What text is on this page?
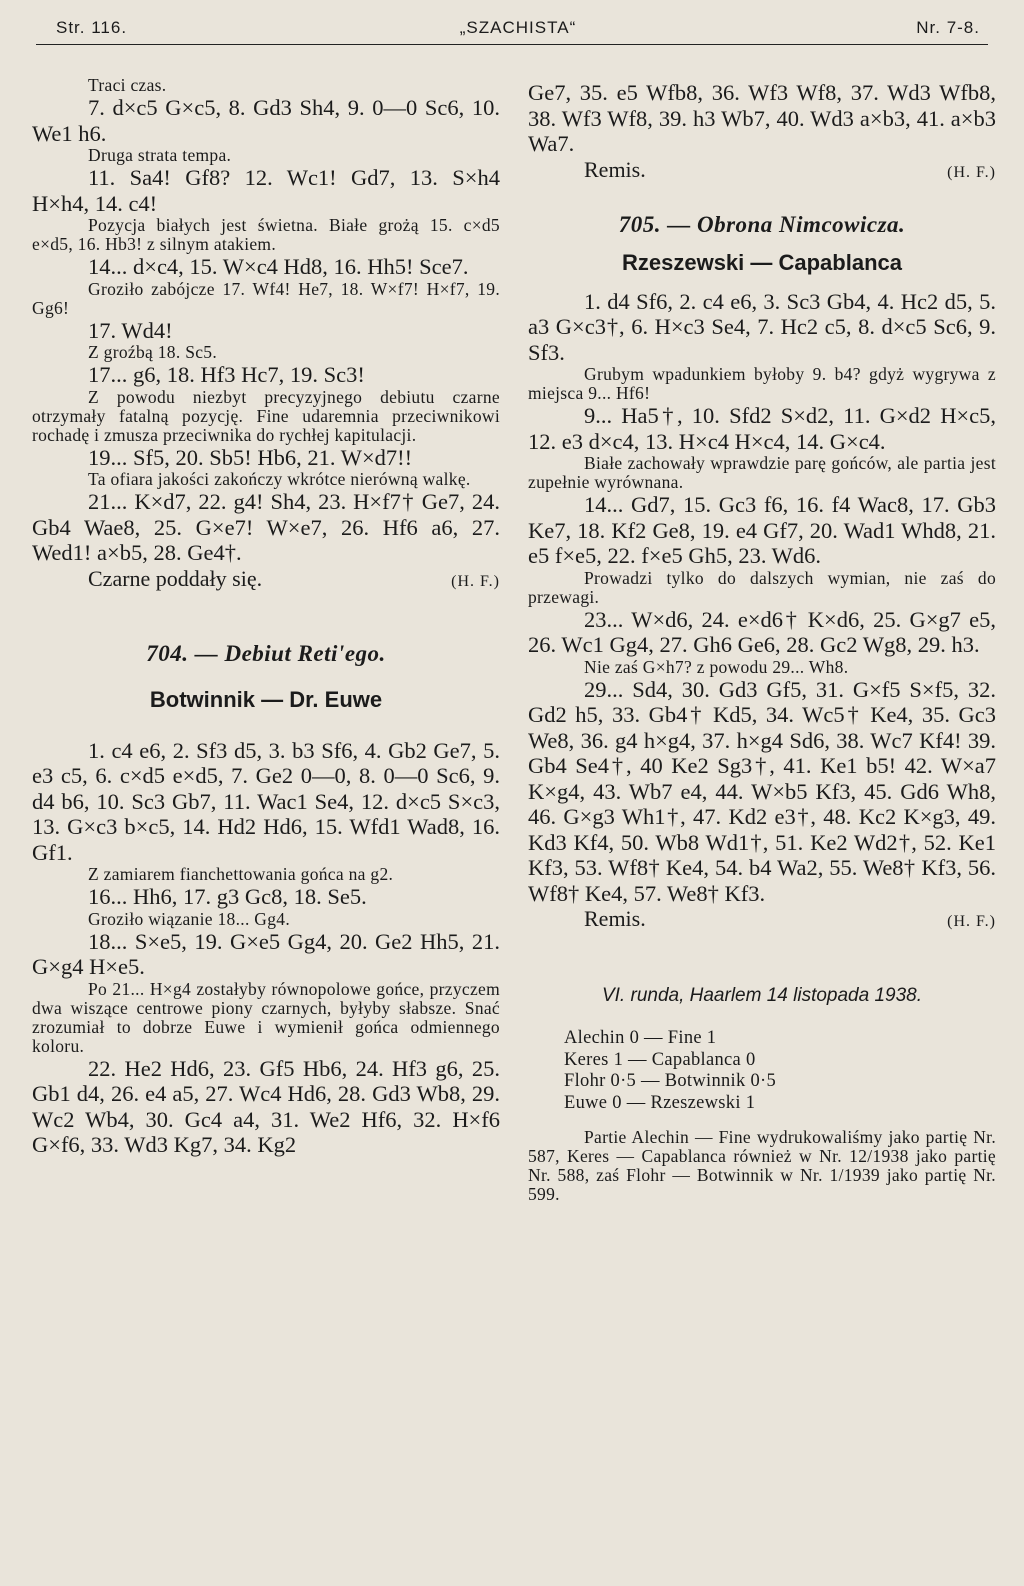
Str. 116.	„SZACHISTA“	Nr. 7-8.

Traci czas.

7. d×c5 G×c5, 8. Gd3 Sh4, 9. 0—0 Sc6, 10. We1 h6.

Druga strata tempa.

11. Sa4! Gf8? 12. Wc1! Gd7, 13. S×h4 H×h4, 14. c4!

Pozycja białych jest świetna. Białe grożą 15. c×d5 e×d5, 16. Hb3! z silnym atakiem.

14... d×c4, 15. W×c4 Hd8, 16. Hh5! Sce7.

Groziło zabójcze 17. Wf4! He7, 18. W×f7! H×f7, 19. Gg6!

17. Wd4!

Z groźbą 18. Sc5.

17... g6, 18. Hf3 Hc7, 19. Sc3!

Z powodu niezbyt precyzyjnego debiutu czarne otrzymały fatalną pozycję. Fine udaremnia przeciwnikowi rochadę i zmusza przeciwnika do rychłej kapitulacji.

19... Sf5, 20. Sb5! Hb6, 21. W×d7!!

Ta ofiara jakości zakończy wkrótce nierówną walkę.

21... K×d7, 22. g4! Sh4, 23. H×f7† Ge7, 24. Gb4 Wae8, 25. G×e7! W×e7, 26. Hf6 a6, 27. Wed1! a×b5, 28. Ge4†.

Czarne poddały się.	(H. F.)

704. — Debiut Reti'ego.

Botwinnik — Dr. Euwe

1. c4 e6, 2. Sf3 d5, 3. b3 Sf6, 4. Gb2 Ge7, 5. e3 c5, 6. c×d5 e×d5, 7. Ge2 0—0, 8. 0—0 Sc6, 9. d4 b6, 10. Sc3 Gb7, 11. Wac1 Se4, 12. d×c5 S×c3, 13. G×c3 b×c5, 14. Hd2 Hd6, 15. Wfd1 Wad8, 16. Gf1.

Z zamiarem fianchettowania gońca na g2.

16... Hh6, 17. g3 Gc8, 18. Se5.

Groziło wiązanie 18... Gg4.

18... S×e5, 19. G×e5 Gg4, 20. Ge2 Hh5, 21. G×g4 H×e5.

Po 21... H×g4 zostałyby równopolowe gońce, przyczem dwa wiszące centrowe piony czarnych, byłyby słabsze. Snać zrozumiał to dobrze Euwe i wymienił gońca odmiennego koloru.

22. He2 Hd6, 23. Gf5 Hb6, 24. Hf3 g6, 25. Gb1 d4, 26. e4 a5, 27. Wc4 Hd6, 28. Gd3 Wb8, 29. Wc2 Wb4, 30. Gc4 a4, 31. We2 Hf6, 32. H×f6 G×f6, 33. Wd3 Kg7, 34. Kg2

Ge7, 35. e5 Wfb8, 36. Wf3 Wf8, 37. Wd3 Wfb8, 38. Wf3 Wf8, 39. h3 Wb7, 40. Wd3 a×b3, 41. a×b3 Wa7.

Remis.	(H. F.)

705. — Obrona Nimcowicza.

Rzeszewski — Capablanca

1. d4 Sf6, 2. c4 e6, 3. Sc3 Gb4, 4. Hc2 d5, 5. a3 G×c3†, 6. H×c3 Se4, 7. Hc2 c5, 8. d×c5 Sc6, 9. Sf3.

Grubym wpadunkiem byłoby 9. b4? gdyż wygrywa z miejsca 9... Hf6!

9... Ha5†, 10. Sfd2 S×d2, 11. G×d2 H×c5, 12. e3 d×c4, 13. H×c4 H×c4, 14. G×c4.

Białe zachowały wprawdzie parę gońców, ale partia jest zupełnie wyrównana.

14... Gd7, 15. Gc3 f6, 16. f4 Wac8, 17. Gb3 Ke7, 18. Kf2 Ge8, 19. e4 Gf7, 20. Wad1 Whd8, 21. e5 f×e5, 22. f×e5 Gh5, 23. Wd6.

Prowadzi tylko do dalszych wymian, nie zaś do przewagi.

23... W×d6, 24. e×d6† K×d6, 25. G×g7 e5, 26. Wc1 Gg4, 27. Gh6 Ge6, 28. Gc2 Wg8, 29. h3.

Nie zaś G×h7? z powodu 29... Wh8.

29... Sd4, 30. Gd3 Gf5, 31. G×f5 S×f5, 32. Gd2 h5, 33. Gb4† Kd5, 34. Wc5† Ke4, 35. Gc3 We8, 36. g4 h×g4, 37. h×g4 Sd6, 38. Wc7 Kf4! 39. Gb4 Se4†, 40 Ke2 Sg3†, 41. Ke1 b5! 42. W×a7 K×g4, 43. Wb7 e4, 44. W×b5 Kf3, 45. Gd6 Wh8, 46. G×g3 Wh1†, 47. Kd2 e3†, 48. Kc2 K×g3, 49. Kd3 Kf4, 50. Wb8 Wd1†, 51. Ke2 Wd2†, 52. Ke1 Kf3, 53. Wf8† Ke4, 54. b4 Wa2, 55. We8† Kf3, 56. Wf8† Ke4, 57. We8† Kf3.

Remis.	(H. F.)

VI. runda, Haarlem 14 listopada 1938.

Alechin 0 — Fine 1

Keres 1 — Capablanca 0

Flohr 0·5 — Botwinnik 0·5

Euwe 0 — Rzeszewski 1

Partie Alechin — Fine wydrukowaliśmy jako partię Nr. 587, Keres — Capablanca również w Nr. 12/1938 jako partię Nr. 588, zaś Flohr — Botwinnik w Nr. 1/1939 jako partię Nr. 599.
